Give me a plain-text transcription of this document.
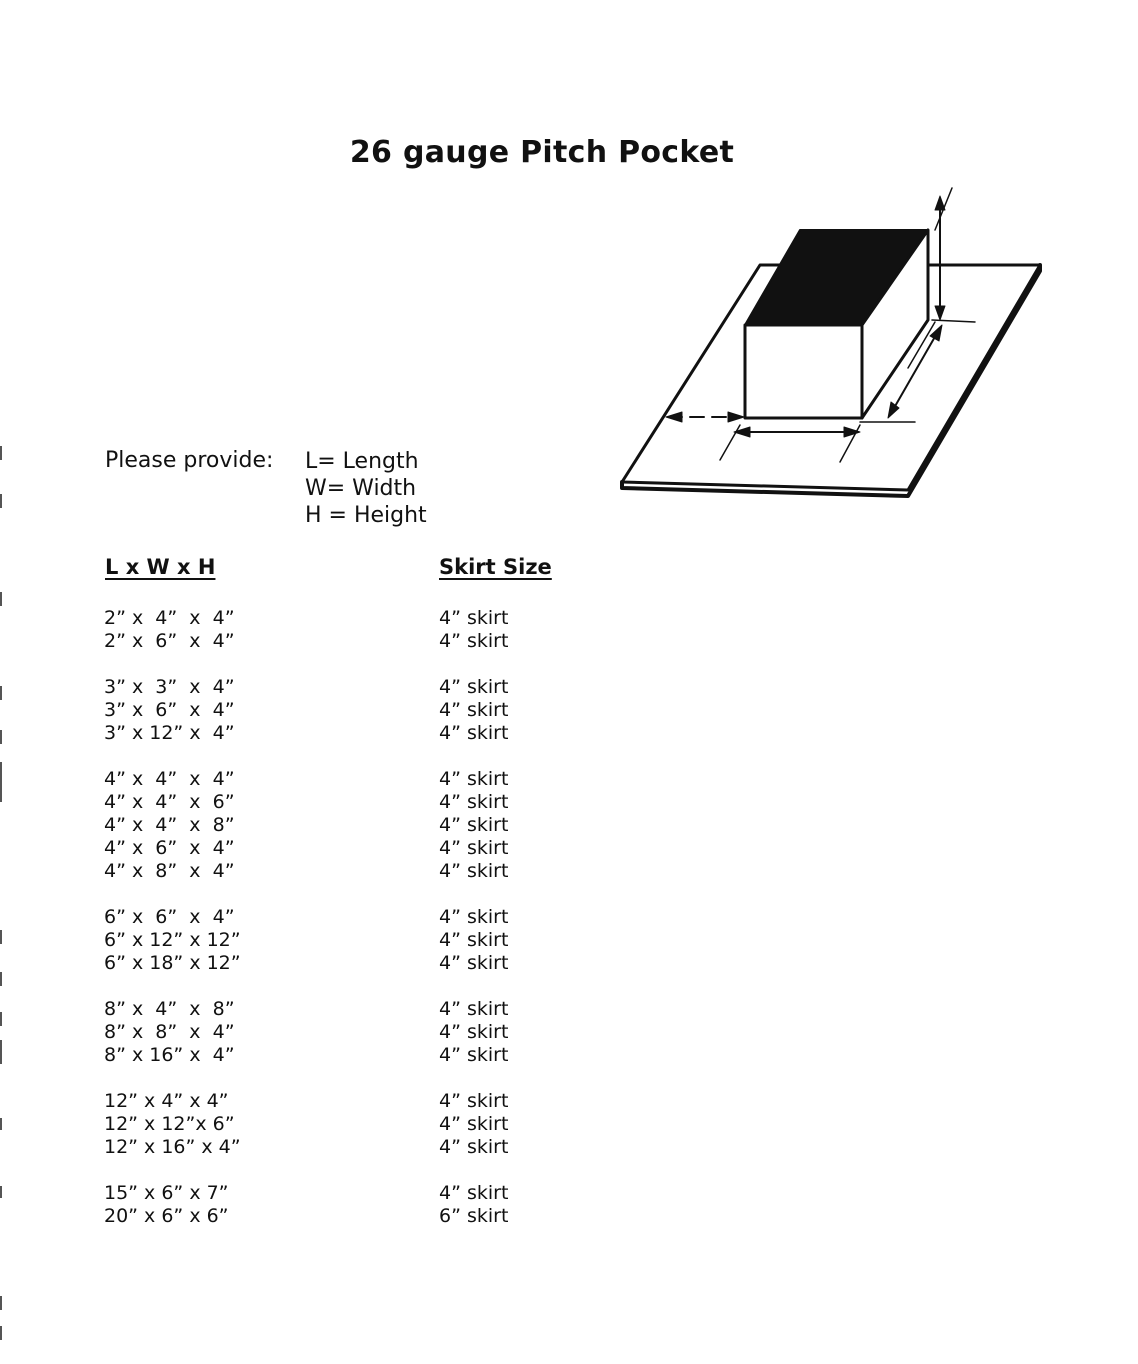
26 gauge Pitch Pocket
Please provide: L= Length
W= Width
H = Height
L x W x H	Skirt Size
2” x  4”  x  4”	4” skirt
2” x  6”  x  4”	4” skirt
3” x  3”  x  4”	4” skirt
3” x  6”  x  4”	4” skirt
3” x 12” x  4”	4” skirt
4” x  4”  x  4”	4” skirt
4” x  4”  x  6”	4” skirt
4” x  4”  x  8”	4” skirt
4” x  6”  x  4”	4” skirt
4” x  8”  x  4”	4” skirt
6” x  6”  x  4”	4” skirt
6” x 12” x 12”	4” skirt
6” x 18” x 12”	4” skirt
8” x  4”  x  8”	4” skirt
8” x  8”  x  4”	4” skirt
8” x 16” x  4”	4” skirt
12” x 4” x 4”	4” skirt
12” x 12”x 6”	4” skirt
12” x 16” x 4”	4” skirt
15” x 6” x 7”	4” skirt
20” x 6” x 6”	6” skirt
